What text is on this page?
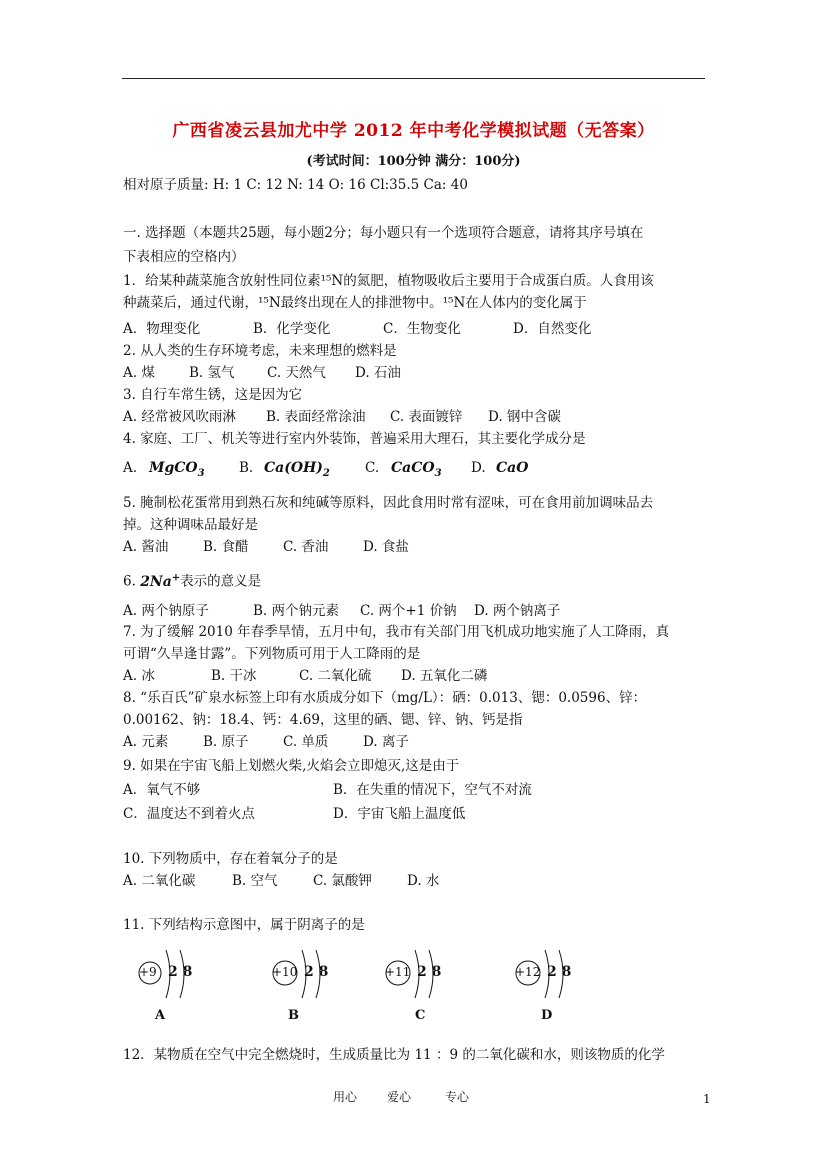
广西省凌云县加尤中学 2012 年中考化学模拟试题（无答案）
(考试时间：100分钟 满分：100分)
相对原子质量: H: 1 C: 12 N: 14 O: 16 Cl:35.5 Ca: 40
一. 选择题（本题共25题，每小题2分；每小题只有一个选项符合题意，请将其序号填在
下表相应的空格内）
1．给某种蔬菜施含放射性同位素¹⁵N的氮肥，植物吸收后主要用于合成蛋白质。人食用该
种蔬菜后，通过代谢，¹⁵N最终出现在人的排泄物中。¹⁵N在人体内的变化属于
A．物理变化	B．化学变化	C．生物变化	D．自然变化
2. 从人类的生存环境考虑，未来理想的燃料是
A. 煤	B. 氢气 C. 天然气 D. 石油
3. 自行车常生锈，这是因为它
A. 经常被风吹雨淋 B. 表面经常涂油 C. 表面镀锌 D. 钢中含碳
4. 家庭、工厂、机关等进行室内外装饰，普遍采用大理石，其主要化学成分是
A. MgCO$_3$	B. $Ca(OH)_2$	C. CaCO$_3$ D. CaO
5. 腌制松花蛋常用到熟石灰和纯碱等原料，因此食用时常有涩味，可在食用前加调味品去
掉。这种调味品最好是
A. 酱油	B. 食醋	C. 香油	D. 食盐
6. 2Na+表示的意义是
A. 两个钠原子	B. 两个钠元素 C. 两个+1 价钠 D. 两个钠离子
7. 为了缓解 2010 年春季旱情，五月中旬，我市有关部门用飞机成功地实施了人工降雨，真
可谓“久旱逢甘露”。下列物质可用于人工降雨的是
A. 冰	B. 干冰	C. 二氧化硫 D. 五氧化二磷
8. “乐百氏”矿泉水标签上印有水质成分如下（mg/L）：硒：0.013、锶：0.0596、锌：
0.00162、钠：18.4、钙：4.69，这里的硒、锶、锌、钠、钙是指
A. 元素	B. 原子	C. 单质	D. 离子
9. 如果在宇宙飞船上划燃火柴,火焰会立即熄灭,这是由于
A．氧气不够	B．在失重的情况下，空气不对流
C．温度达不到着火点	D．宇宙飞船上温度低
10. 下列物质中，存在着氧分子的是
A. 二氧化碳	B. 空气	C. 氯酸钾	D. 水
11. 下列结构示意图中，属于阴离子的是
+9 2 8
A
+10 2 8
B
+11 2 8
C
+12 2 8
D
12．某物质在空气中完全燃烧时，生成质量比为 11 ：9 的二氧化碳和水，则该物质的化学
用心 爱心	专心	1
